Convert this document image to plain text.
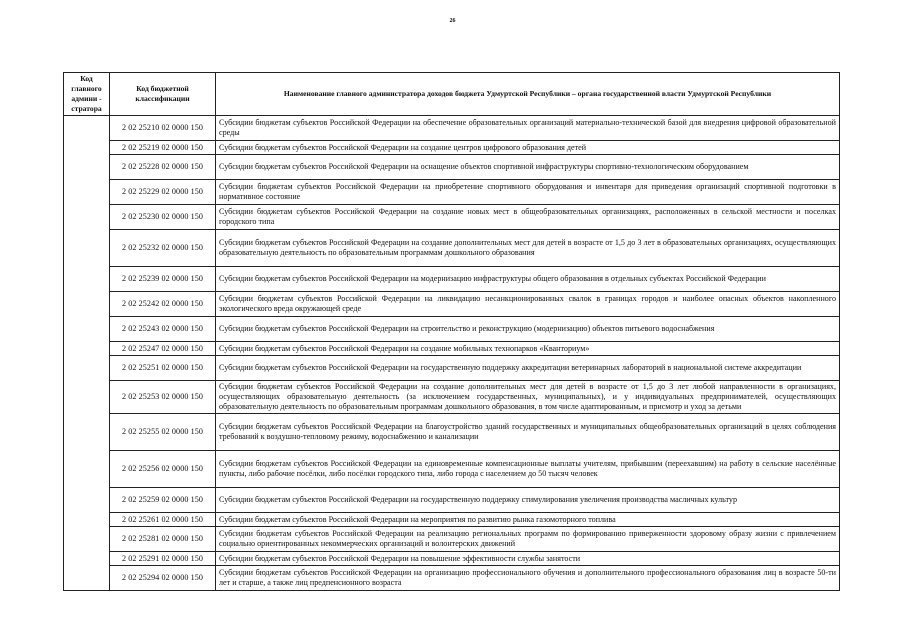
26
Код главного админи - стратора	Код бюджетной классификации	Наименование главного администратора доходов бюджета Удмуртской Республики – органа государственной власти Удмуртской Республики
	2 02 25210 02 0000 150	Субсидии бюджетам субъектов Российской Федерации на обеспечение образовательных организаций материально-технической базой для внедрения цифровой образовательной среды
	2 02 25219 02 0000 150	Субсидии бюджетам субъектов Российской Федерации на создание центров цифрового образования детей
	2 02 25228 02 0000 150	Субсидии бюджетам субъектов Российской Федерации на оснащение объектов спортивной инфраструктуры спортивно-технологическим оборудованием
	2 02 25229 02 0000 150	Субсидии бюджетам субъектов Российской Федерации на приобретение спортивного оборудования и инвентаря для приведения организаций спортивной подготовки в нормативное состояние
	2 02 25230 02 0000 150	Субсидии бюджетам субъектов Российской Федерации на создание новых мест в общеобразовательных организациях, расположенных в сельской местности и поселках городского типа
	2 02 25232 02 0000 150	Субсидии бюджетам субъектов Российской Федерации на создание дополнительных мест для детей в возрасте от 1,5 до 3 лет в образовательных организациях, осуществляющих образовательную деятельность по образовательным программам дошкольного образования
	2 02 25239 02 0000 150	Субсидии бюджетам субъектов Российской Федерации на модернизацию инфраструктуры общего образования в отдельных субъектах Российской Федерации
	2 02 25242 02 0000 150	Субсидии бюджетам субъектов Российской Федерации на ликвидацию несанкционированных свалок в границах городов и наиболее опасных объектов накопленного экологического вреда окружающей среде
	2 02 25243 02 0000 150	Субсидии бюджетам субъектов Российской Федерации на строительство и реконструкцию (модернизацию) объектов питьевого водоснабжения
	2 02 25247 02 0000 150	Субсидии бюджетам субъектов Российской Федерации на создание мобильных технопарков «Кванториум»
	2 02 25251 02 0000 150	Субсидии бюджетам субъектов Российской Федерации на государственную поддержку аккредитации ветеринарных лабораторий в национальной системе аккредитации
	2 02 25253 02 0000 150	Субсидии бюджетам субъектов Российской Федерации на создание дополнительных мест для детей в возрасте от 1,5 до 3 лет любой направленности в организациях, осуществляющих образовательную деятельность (за исключением государственных, муниципальных), и у индивидуальных предпринимателей, осуществляющих образовательную деятельность по образовательным программам дошкольного образования, в том числе адаптированным, и присмотр и уход за детьми
	2 02 25255 02 0000 150	Субсидии бюджетам субъектов Российской Федерации на благоустройство зданий государственных и муниципальных общеобразовательных организаций в целях соблюдения требований к воздушно-тепловому режиму, водоснабжению и канализации
	2 02 25256 02 0000 150	Субсидии бюджетам субъектов Российской Федерации на единовременные компенсационные выплаты учителям, прибывшим (переехавшим) на работу в сельские населённые пункты, либо рабочие посёлки, либо посёлки городского типа, либо города с населением до 50 тысяч человек
	2 02 25259 02 0000 150	Субсидии бюджетам субъектов Российской Федерации на государственную поддержку стимулирования увеличения производства масличных культур
	2 02 25261 02 0000 150	Субсидии бюджетам субъектов Российской Федерации на мероприятия по развитию рынка газомоторного топлива
	2 02 25281 02 0000 150	Субсидии бюджетам субъектов Российской Федерации на реализацию региональных программ по формированию приверженности здоровому образу жизни с привлечением социально ориентированных некоммерческих организаций и волонтерских движений
	2 02 25291 02 0000 150	Субсидии бюджетам субъектов Российской Федерации на повышение эффективности службы занятости
	2 02 25294 02 0000 150	Субсидии бюджетам субъектов Российской Федерации на организацию профессионального обучения и дополнительного профессионального образования лиц в возрасте 50-ти лет и старше, а также лиц предпенсионного возраста
